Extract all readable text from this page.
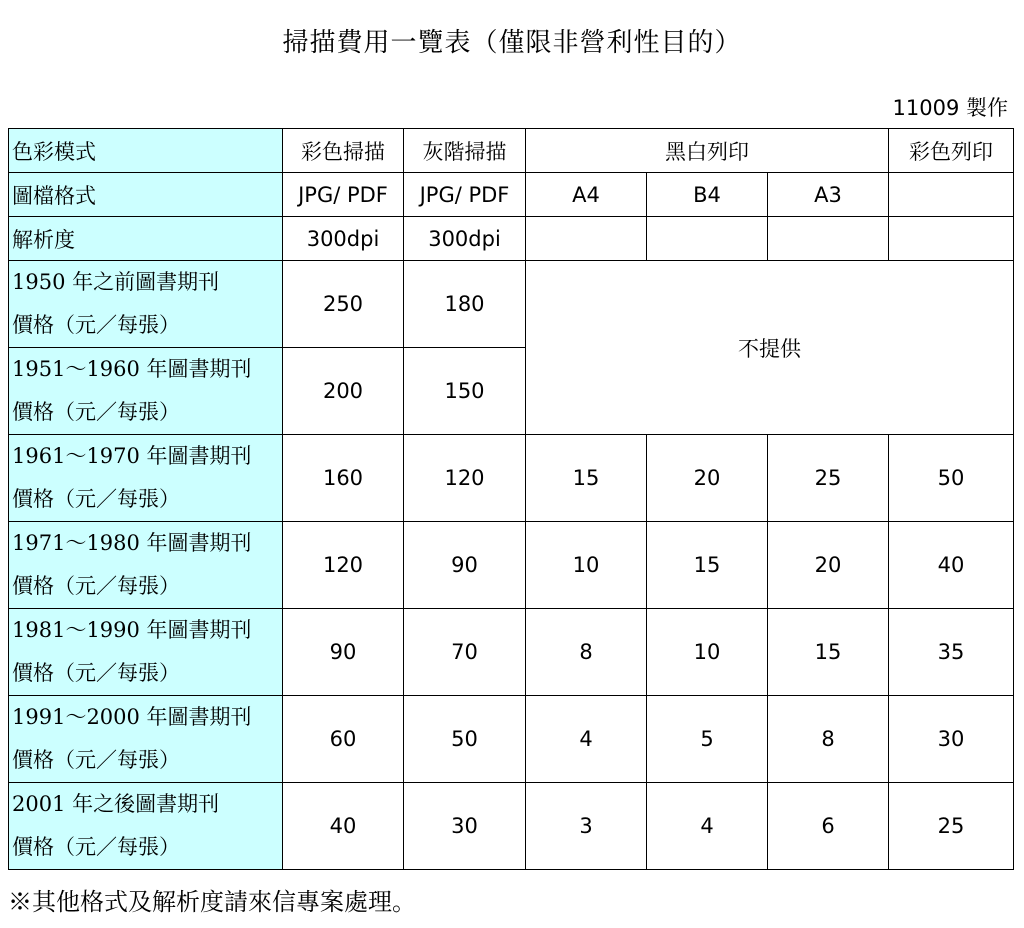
掃描費用一覽表（僅限非營利性目的）
11009 製作
色彩模式	彩色掃描	灰階掃描	黑白列印			彩色列印
圖檔格式	JPG/ PDF	JPG/ PDF	A4	B4	A3	
解析度	300dpi	300dpi				

1950 年之前圖書期刊
價格（元／每張）	250	180	不提供			

1951～1960 年圖書期刊
價格（元／每張）	200	150				

1961～1970 年圖書期刊
價格（元／每張）	160	120	15	20	25	50

1971～1980 年圖書期刊
價格（元／每張）	120	90	10	15	20	40

1981～1990 年圖書期刊
價格（元／每張）	90	70	8	10	15	35

1991～2000 年圖書期刊
價格（元／每張）	60	50	4	5	8	30

2001 年之後圖書期刊
價格（元／每張）	40	30	3	4	6	25
※其他格式及解析度請來信專案處理。
